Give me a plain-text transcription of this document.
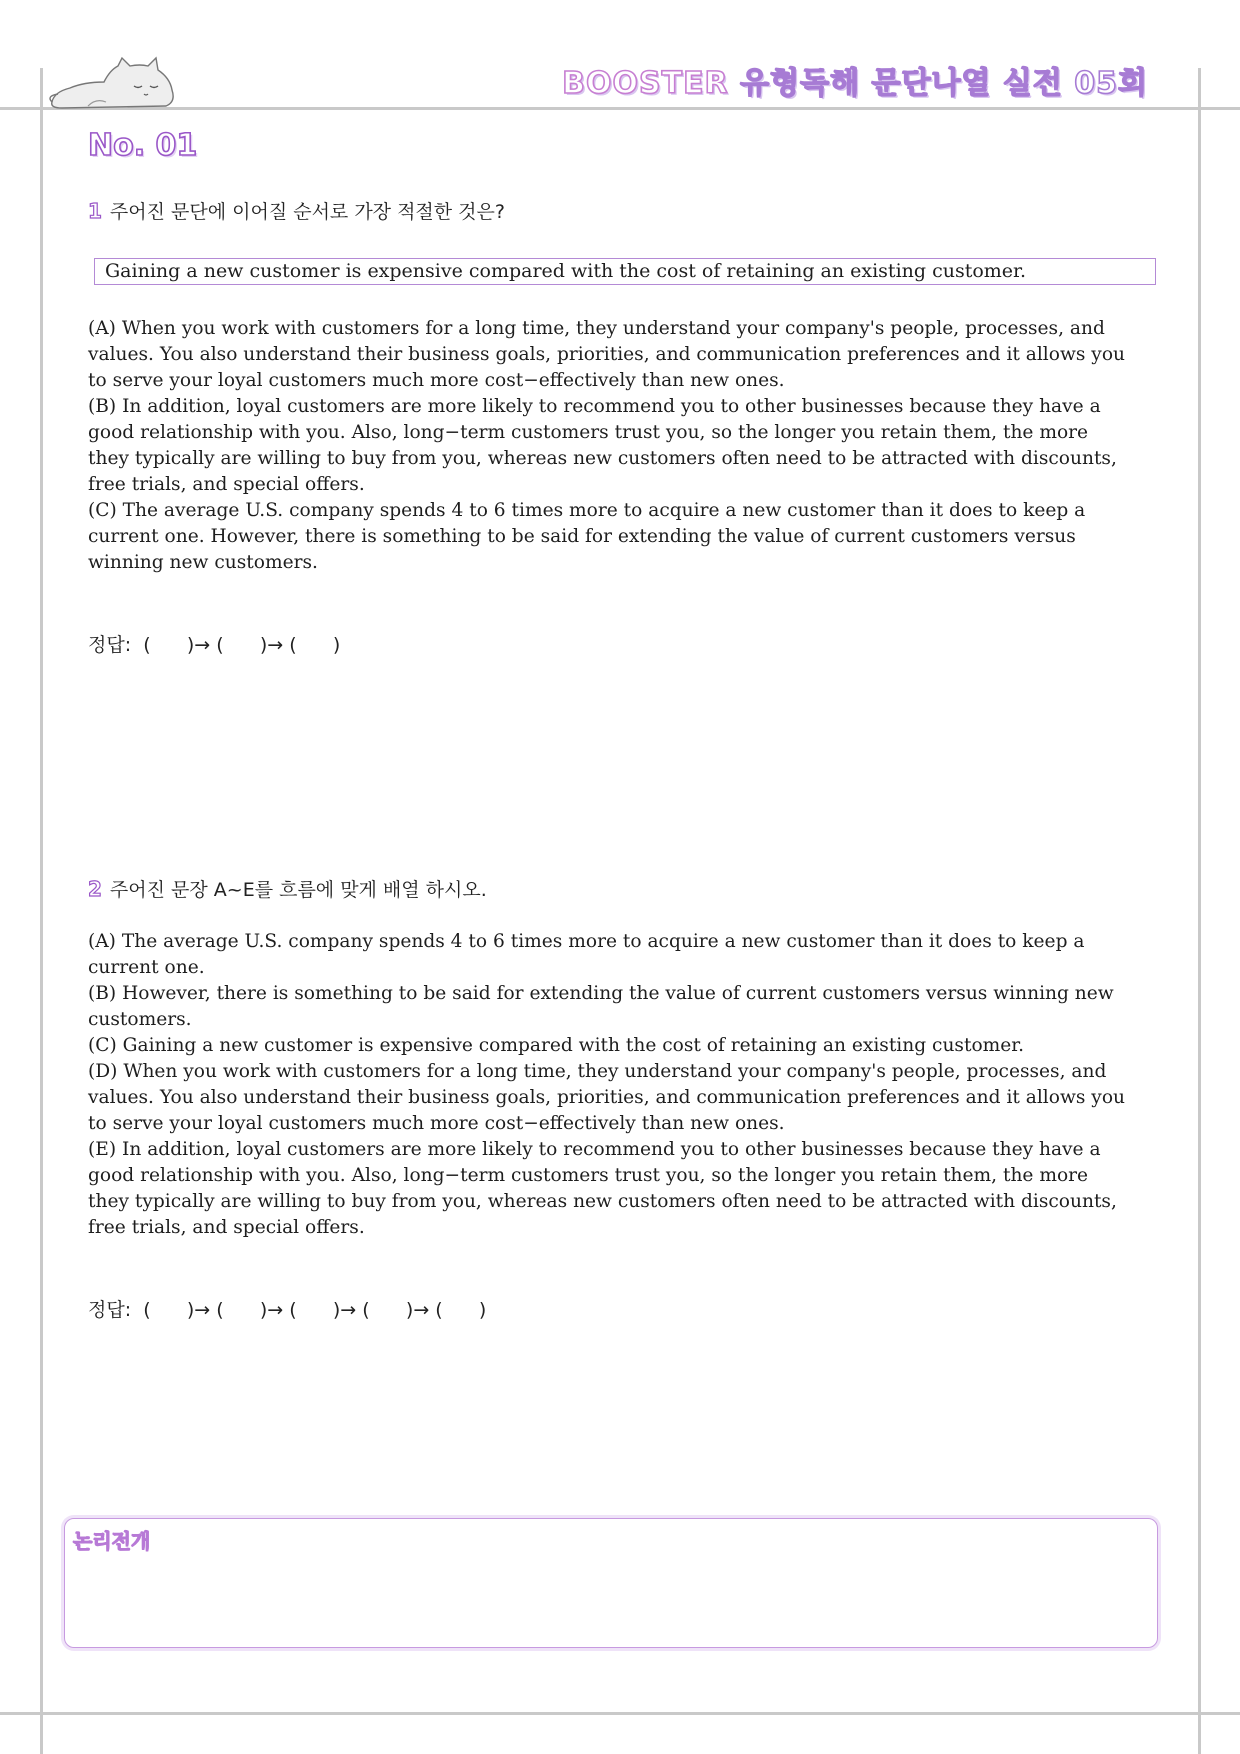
BOOSTER 유형독해 문단나열 실전 05회
No. 01
1 주어진 문단에 이어질 순서로 가장 적절한 것은?
Gaining a new customer is expensive compared with the cost of retaining an existing customer.

(A) When you work with customers for a long time, they understand your company's people, processes, and values. You also understand their business goals, priorities, and communication preferences and it allows you to serve your loyal customers much more cost−effectively than new ones.

(B) In addition, loyal customers are more likely to recommend you to other businesses because they have a good relationship with you. Also, long−term customers trust you, so the longer you retain them, the more they typically are willing to buy from you, whereas new customers often need to be attracted with discounts, free trials, and special offers.

(C) The average U.S. company spends 4 to 6 times more to acquire a new customer than it does to keep a current one. However, there is something to be said for extending the value of current customers versus winning new customers.

정답:  (      )→ (      )→ (      )
2 주어진 문장 A~E를 흐름에 맞게 배열 하시오.

(A) The average U.S. company spends 4 to 6 times more to acquire a new customer than it does to keep a current one.

(B) However, there is something to be said for extending the value of current customers versus winning new customers.

(C) Gaining a new customer is expensive compared with the cost of retaining an existing customer.

(D) When you work with customers for a long time, they understand your company's people, processes, and values. You also understand their business goals, priorities, and communication preferences and it allows you to serve your loyal customers much more cost−effectively than new ones.

(E) In addition, loyal customers are more likely to recommend you to other businesses because they have a good relationship with you. Also, long−term customers trust you, so the longer you retain them, the more they typically are willing to buy from you, whereas new customers often need to be attracted with discounts, free trials, and special offers.

정답:  (      )→ (      )→ (      )→ (      )→ (      )
논리전개
